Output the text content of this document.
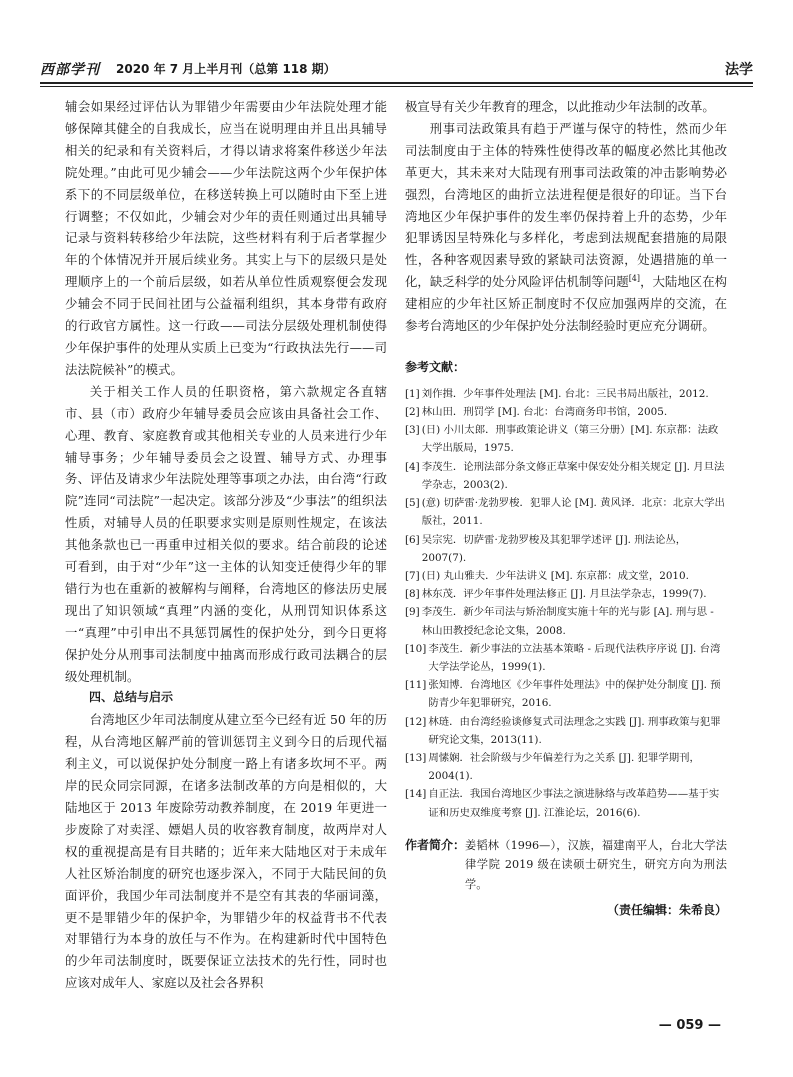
西部学刊 2020 年 7 月上半月刊（总第 118 期）	法学

辅会如果经过评估认为罪错少年需要由少年法院处理才能够保障其健全的自我成长，应当在说明理由并且出具辅导相关的纪录和有关资料后，才得以请求将案件移送少年法院处理。”由此可见少辅会——少年法院这两个少年保护体系下的不同层级单位，在移送转换上可以随时由下至上进行调整；不仅如此，少辅会对少年的责任则通过出具辅导记录与资料转移给少年法院，这些材料有利于后者掌握少年的个体情况并开展后续业务。其实上与下的层级只是处理顺序上的一个前后层级，如若从单位性质观察便会发现少辅会不同于民间社团与公益福利组织，其本身带有政府的行政官方属性。这一行政——司法分层级处理机制使得少年保护事件的处理从实质上已变为“行政执法先行——司法法院候补”的模式。

关于相关工作人员的任职资格，第六款规定各直辖市、县（市）政府少年辅导委员会应该由具备社会工作、心理、教育、家庭教育或其他相关专业的人员来进行少年辅导事务；少年辅导委员会之设置、辅导方式、办理事务、评估及请求少年法院处理等事项之办法，由台湾“行政院”连同“司法院”一起决定。该部分涉及“少事法”的组织法性质，对辅导人员的任职要求实则是原则性规定，在该法其他条款也已一再重申过相关似的要求。结合前段的论述可看到，由于对“少年”这一主体的认知变迁使得少年的罪错行为也在重新的被解构与阐释，台湾地区的修法历史展现出了知识领域“真理”内涵的变化，从刑罚知识体系这一“真理”中引申出不具惩罚属性的保护处分，到今日更将保护处分从刑事司法制度中抽离而形成行政司法耦合的层级处理机制。

四、总结与启示

台湾地区少年司法制度从建立至今已经有近 50 年的历程，从台湾地区解严前的管训惩罚主义到今日的后现代福利主义，可以说保护处分制度一路上有诸多坎坷不平。两岸的民众同宗同源，在诸多法制改革的方向是相似的，大陆地区于 2013 年废除劳动教养制度，在 2019 年更进一步废除了对卖淫、嫖娼人员的收容教育制度，故两岸对人权的重视提高是有目共睹的；近年来大陆地区对于未成年人社区矫治制度的研究也逐步深入，不同于大陆民间的负面评价，我国少年司法制度并不是空有其表的华丽词藻，更不是罪错少年的保护伞，为罪错少年的权益背书不代表对罪错行为本身的放任与不作为。在构建新时代中国特色的少年司法制度时，既要保证立法技术的先行性，同时也应该对成年人、家庭以及社会各界积

极宣导有关少年教育的理念，以此推动少年法制的改革。

刑事司法政策具有趋于严谨与保守的特性，然而少年司法制度由于主体的特殊性使得改革的幅度必然比其他改革更大，其未来对大陆现有刑事司法政策的冲击影响势必强烈，台湾地区的曲折立法进程便是很好的印证。当下台湾地区少年保护事件的发生率仍保持着上升的态势，少年犯罪诱因呈特殊化与多样化，考虑到法规配套措施的局限性，各种客观因素导致的紧缺司法资源，处遇措施的单一化，缺乏科学的处分风险评估机制等问题[4]，大陆地区在构建相应的少年社区矫正制度时不仅应加强两岸的交流，在参考台湾地区的少年保护处分法制经验时更应充分调研。

参考文献：
[1] 刘作揖．少年事件处理法 [M]. 台北：三民书局出版社，2012.
[2] 林山田．刑罚学 [M]. 台北：台湾商务印书馆，2005.
[3] (日) 小川太郎．刑事政策论讲义（第三分册）[M]. 东京都：法政大学出版局，1975.
[4] 李茂生．论刑法部分条文修正草案中保安处分相关规定 [J]. 月旦法学杂志，2003(2).
[5] (意) 切萨雷·龙勃罗梭．犯罪人论 [M]. 黄风译．北京：北京大学出版社，2011.
[6] 吴宗宪．切萨雷·龙勃罗梭及其犯罪学述评 [J]. 刑法论丛，2007(7).
[7] (日) 丸山雅夫．少年法讲义 [M]. 东京都：成文堂，2010.
[8] 林东茂．评少年事件处理法修正 [J]. 月旦法学杂志，1999(7).
[9] 李茂生．新少年司法与矫治制度实施十年的光与影 [A]. 刑与思 - 林山田教授纪念论文集，2008.
[10] 李茂生．新少事法的立法基本策略 - 后现代法秩序序说 [J]. 台湾大学法学论丛，1999(1).
[11] 张知博．台湾地区《少年事件处理法》中的保护处分制度 [J]. 预防青少年犯罪研究，2016.
[12] 林琏．由台湾经验谈修复式司法理念之实践 [J]. 刑事政策与犯罪研究论文集，2013(11).
[13] 周愫娴．社会阶级与少年偏差行为之关系 [J]. 犯罪学期刊，2004(1).
[14] 自正法．我国台湾地区少事法之演进脉络与改革趋势——基于实证和历史双维度考察 [J]. 江淮论坛，2016(6).
作者简介： 姜韬林（1996—），汉族，福建南平人，台北大学法律学院 2019 级在读硕士研究生，研究方向为刑法学。
（责任编辑：朱希良）
— 059 —
